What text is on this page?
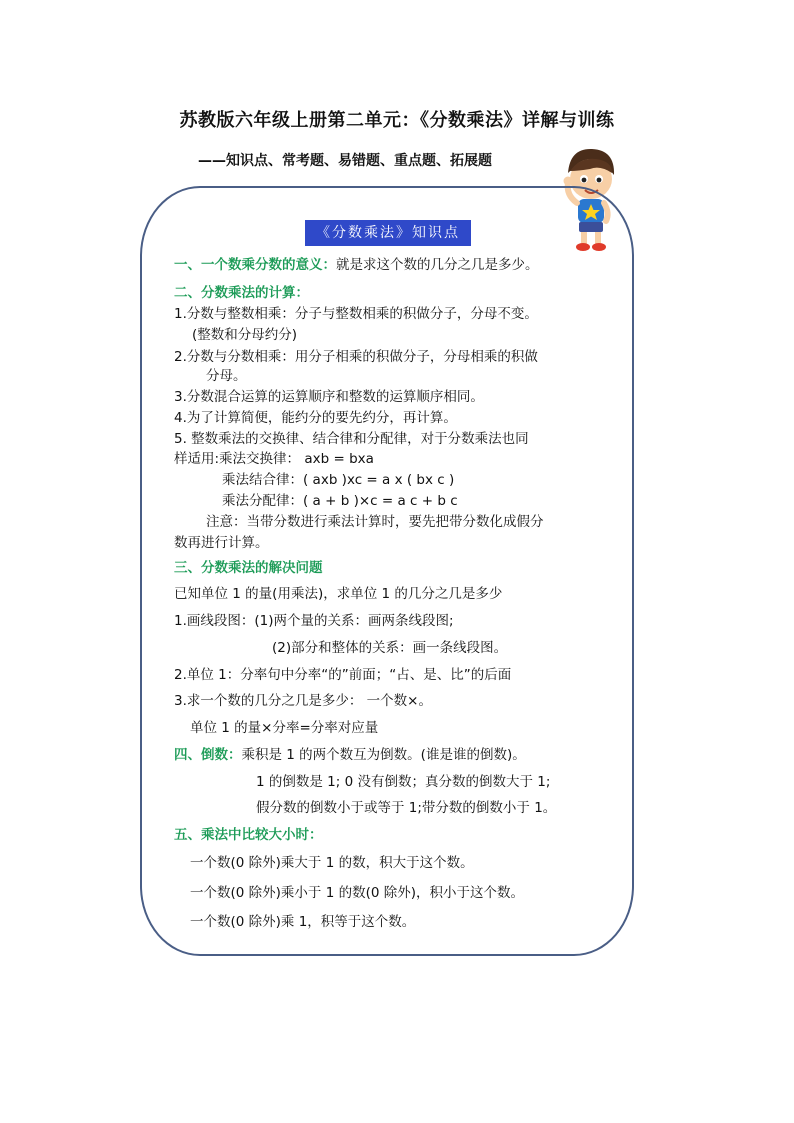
苏教版六年级上册第二单元：《分数乘法》详解与训练
——知识点、常考题、易错题、重点题、拓展题
《分数乘法》知识点
一、一个数乘分数的意义：就是求这个数的几分之几是多少。
二、分数乘法的计算：
1.分数与整数相乘：分子与整数相乘的积做分子，分母不变。
(整数和分母约分)
2.分数与分数相乘：用分子相乘的积做分子，分母相乘的积做
分母。
3.分数混合运算的运算顺序和整数的运算顺序相同。
4.为了计算简便，能约分的要先约分，再计算。
5. 整数乘法的交换律、结合律和分配律，对于分数乘法也同
样适用:乘法交换律： axb = bxa
乘法结合律：( axb )xc = a x ( bx c )
乘法分配律：( a + b )×c = a c + b c
注意：当带分数进行乘法计算时，要先把带分数化成假分
数再进行计算。
三、分数乘法的解决问题
已知单位 1 的量(用乘法)，求单位 1 的几分之几是多少
1.画线段图：(1)两个量的关系：画两条线段图;
(2)部分和整体的关系：画一条线段图。
2.单位 1：分率句中分率“的”前面；“占、是、比”的后面
3.求一个数的几分之几是多少： 一个数×。
单位 1 的量×分率=分率对应量
四、倒数：乘积是 1 的两个数互为倒数。(谁是谁的倒数)。
1 的倒数是 1; 0 没有倒数；真分数的倒数大于 1;
假分数的倒数小于或等于 1;带分数的倒数小于 1。
五、乘法中比较大小时：
一个数(0 除外)乘大于 1 的数，积大于这个数。
一个数(0 除外)乘小于 1 的数(0 除外)，积小于这个数。
一个数(0 除外)乘 1，积等于这个数。
